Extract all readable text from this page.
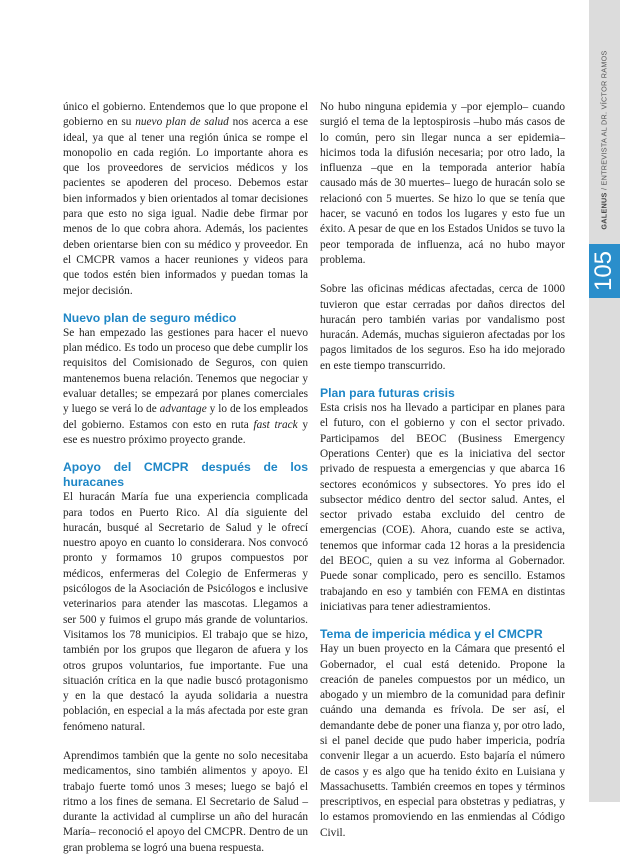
GALENUS / ENTREVISTA AL DR. VÍCTOR RAMOS
105

único el gobierno. Entendemos que lo que propone el gobierno en su nuevo plan de salud nos acerca a ese ideal, ya que al tener una región única se rompe el monopolio en cada región. Lo importante ahora es que los proveedores de servicios médicos y los pacientes se apoderen del proceso. Debemos estar bien informados y bien orientados al tomar decisiones para que esto no siga igual. Nadie debe firmar por menos de lo que cobra ahora. Además, los pacientes deben orientarse bien con su médico y proveedor. En el CMCPR vamos a hacer reuniones y videos para que todos estén bien informados y puedan tomas la mejor decisión.

Nuevo plan de seguro médico

Se han empezado las gestiones para hacer el nuevo plan médico. Es todo un proceso que debe cumplir los requisitos del Comisionado de Seguros, con quien mantenemos buena relación. Tenemos que negociar y evaluar detalles; se empezará por planes comerciales y luego se verá lo de advantage y lo de los empleados del gobierno. Estamos con esto en ruta fast track y ese es nuestro próximo proyecto grande.

Apoyo del CMCPR después de los huracanes

El huracán María fue una experiencia complicada para todos en Puerto Rico. Al día siguiente del huracán, busqué al Secretario de Salud y le ofrecí nuestro apoyo en cuanto lo considerara. Nos convocó pronto y formamos 10 grupos compuestos por médicos, enfermeras del Colegio de Enfermeras y psicólogos de la Asociación de Psicólogos e inclusive veterinarios para atender las mascotas. Llegamos a ser 500 y fuimos el grupo más grande de voluntarios. Visitamos los 78 municipios. El trabajo que se hizo, también por los grupos que llegaron de afuera y los otros grupos voluntarios, fue importante. Fue una situación crítica en la que nadie buscó protagonismo y en la que destacó la ayuda solidaria a nuestra población, en especial a la más afectada por este gran fenómeno natural.

Aprendimos también que la gente no solo necesitaba medicamentos, sino también alimentos y apoyo. El trabajo fuerte tomó unos 3 meses; luego se bajó el ritmo a los fines de semana. El Secretario de Salud –durante la actividad al cumplirse un año del huracán María– reconoció el apoyo del CMCPR. Dentro de un gran problema se logró una buena respuesta.

No hubo ninguna epidemia y –por ejemplo– cuando surgió el tema de la leptospirosis –hubo más casos de lo común, pero sin llegar nunca a ser epidemia– hicimos toda la difusión necesaria; por otro lado, la influenza –que en la temporada anterior había causado más de 30 muertes– luego de huracán solo se relacionó con 5 muertes. Se hizo lo que se tenía que hacer, se vacunó en todos los lugares y esto fue un éxito. A pesar de que en los Estados Unidos se tuvo la peor temporada de influenza, acá no hubo mayor problema.

Sobre las oficinas médicas afectadas, cerca de 1000 tuvieron que estar cerradas por daños directos del huracán pero también varias por vandalismo post huracán. Además, muchas siguieron afectadas por los pagos limitados de los seguros. Eso ha ido mejorado en este tiempo transcurrido.

Plan para futuras crisis

Esta crisis nos ha llevado a participar en planes para el futuro, con el gobierno y con el sector privado. Participamos del BEOC (Business Emergency Operations Center) que es la iniciativa del sector privado de respuesta a emergencias y que abarca 16 sectores económicos y subsectores. Yo pres ido el subsector médico dentro del sector salud. Antes, el sector privado estaba excluido del centro de emergencias (COE). Ahora, cuando este se activa, tenemos que informar cada 12 horas a la presidencia del BEOC, quien a su vez informa al Gobernador. Puede sonar complicado, pero es sencillo. Estamos trabajando en eso y también con FEMA en distintas iniciativas para tener adiestramientos.

Tema de impericia médica y el CMCPR

Hay un buen proyecto en la Cámara que presentó el Gobernador, el cual está detenido. Propone la creación de paneles compuestos por un médico, un abogado y un miembro de la comunidad para definir cuándo una demanda es frívola. De ser así, el demandante debe de poner una fianza y, por otro lado, si el panel decide que pudo haber impericia, podría convenir llegar a un acuerdo. Esto bajaría el número de casos y es algo que ha tenido éxito en Luisiana y Massachusetts. También creemos en topes y términos prescriptivos, en especial para obstetras y pediatras, y lo estamos promoviendo en las enmiendas al Código Civil.
